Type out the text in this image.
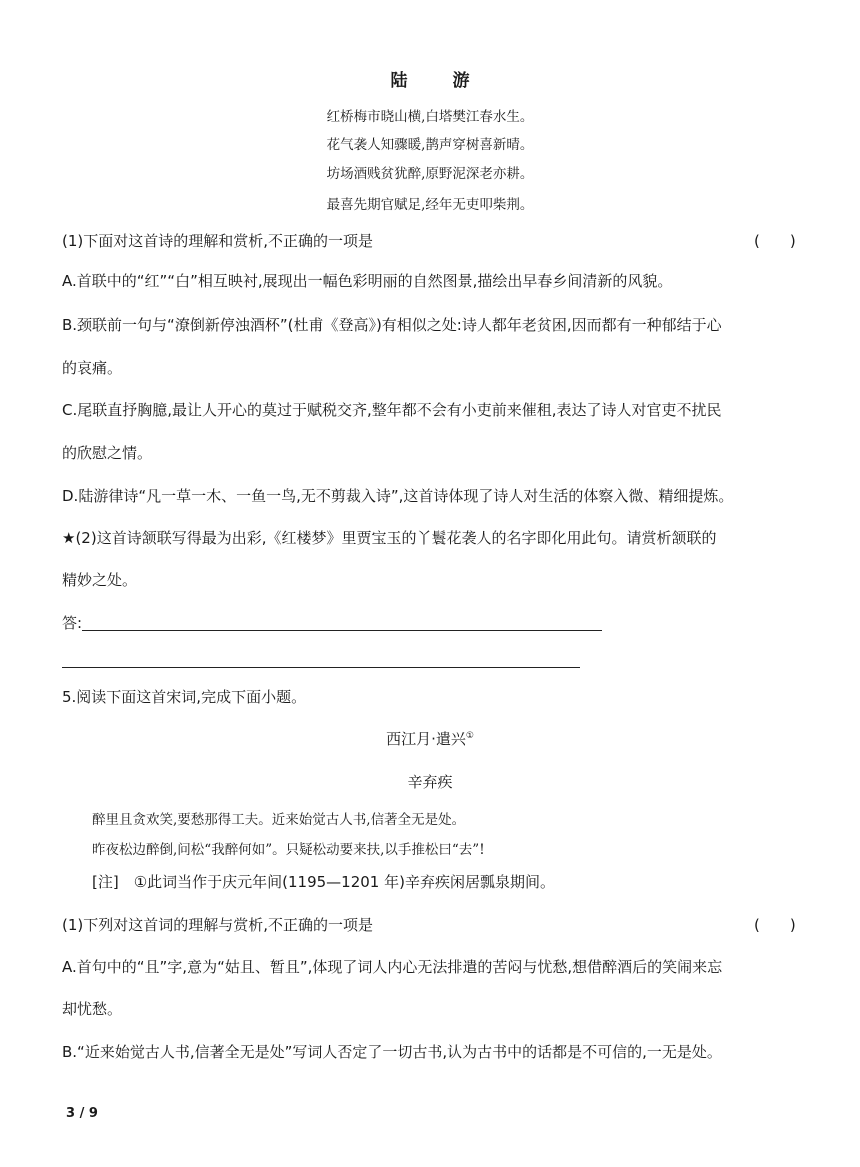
陆　游
红桥梅市晓山横,白塔樊江春水生。
花气袭人知骤暖,鹊声穿树喜新晴。
坊场酒贱贫犹醉,原野泥深老亦耕。
最喜先期官赋足,经年无吏叩柴荆。
(1)下面对这首诗的理解和赏析,不正确的一项是	(　　)
A.首联中的“红”“白”相互映衬,展现出一幅色彩明丽的自然图景,描绘出早春乡间清新的风貌。
B.颈联前一句与“潦倒新停浊酒杯”(杜甫《登高》)有相似之处:诗人都年老贫困,因而都有一种郁结于心
的哀痛。
C.尾联直抒胸臆,最让人开心的莫过于赋税交齐,整年都不会有小吏前来催租,表达了诗人对官吏不扰民
的欣慰之情。
D.陆游律诗“凡一草一木、一鱼一鸟,无不剪裁入诗”,这首诗体现了诗人对生活的体察入微、精细提炼。
★(2)这首诗颔联写得最为出彩,《红楼梦》里贾宝玉的丫鬟花袭人的名字即化用此句。请赏析颔联的
精妙之处。
答:
5.阅读下面这首宋词,完成下面小题。
西江月·遣兴①
辛弃疾
醉里且贪欢笑,要愁那得工夫。近来始觉古人书,信著全无是处。
昨夜松边醉倒,问松“我醉何如”。只疑松动要来扶,以手推松曰“去”!
[注]　①此词当作于庆元年间(1195—1201 年)辛弃疾闲居瓢泉期间。
(1)下列对这首词的理解与赏析,不正确的一项是	(　　)
A.首句中的“且”字,意为“姑且、暂且”,体现了词人内心无法排遣的苦闷与忧愁,想借醉酒后的笑闹来忘
却忧愁。
B.“近来始觉古人书,信著全无是处”写词人否定了一切古书,认为古书中的话都是不可信的,一无是处。
3 / 9
